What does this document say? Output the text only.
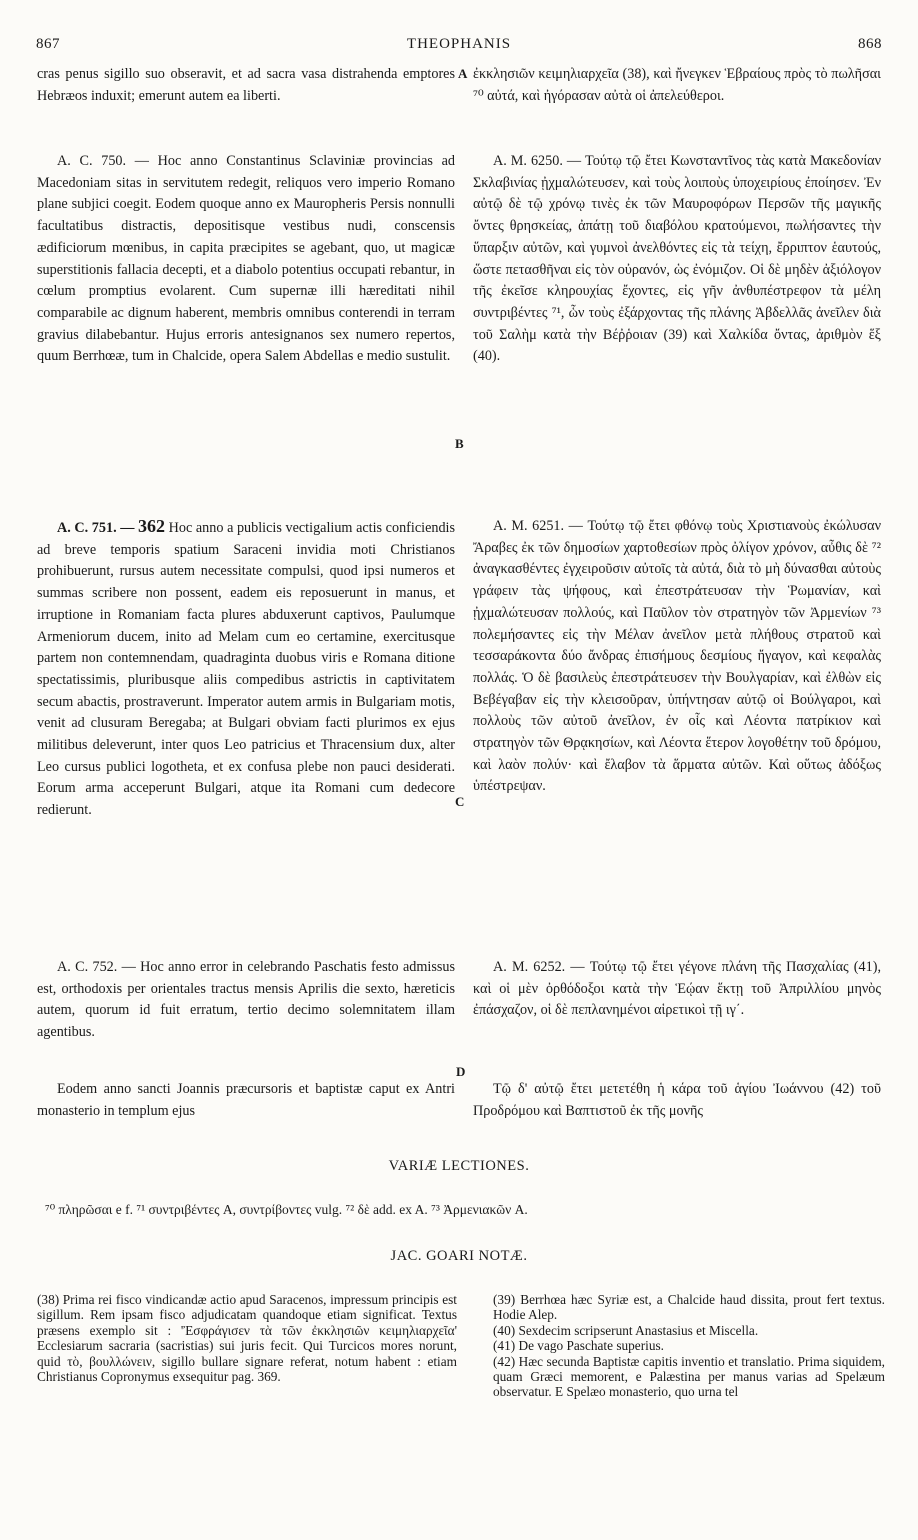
867	THEOPHANIS	868

cras penus sigillo suo obseravit, et ad sacra vasa distrahenda emptores Hebræos induxit; emerunt autem ea liberti.

A. C. 750. — Hoc anno Constantinus Sclaviniæ provincias ad Macedoniam sitas in servitutem redegit, reliquos vero imperio Romano plane subjici coegit. Eodem quoque anno ex Mauropheris Persis nonnulli facultatibus distractis, depositisque vestibus nudi, conscensis ædificiorum mœnibus, in capita præcipites se agebant, quo, ut magicæ superstitionis fallacia decepti, et a diabolo potentius occupati rebantur, in cœlum promptius evolarent. Cum supernæ illi hæreditati nihil comparabile ac dignum haberent, membris omnibus conterendi in terram gravius dilabebantur. Hujus erroris antesignanos sex numero repertos, quum Berrhœæ, tum in Chalcide, opera Salem Abdellas e medio sustulit.

A. C. 751. — 362 Hoc anno a publicis vectigalium actis conficiendis ad breve temporis spatium Saraceni invidia moti Christianos prohibuerunt, rursus autem necessitate compulsi, quod ipsi numeros et summas scribere non possent, eadem eis reposuerunt in manus, et irruptione in Romaniam facta plures abduxerunt captivos, Paulumque Armeniorum ducem, inito ad Melam cum eo certamine, exercitusque partem non contemnendam, quadraginta duobus viris e Romana ditione spectatissimis, pluribusque aliis compedibus astrictis in captivitatem secum abactis, prostraverunt. Imperator autem armis in Bulgariam motis, venit ad clusuram Beregaba; at Bulgari obviam facti plurimos ex ejus militibus deleverunt, inter quos Leo patricius et Thracensium dux, alter Leo cursus publici logotheta, et ex confusa plebe non pauci desiderati. Eorum arma acceperunt Bulgari, atque ita Romani cum dedecore redierunt.

A. C. 752. — Hoc anno error in celebrando Paschatis festo admissus est, orthodoxis per orientales tractus mensis Aprilis die sexto, hæreticis autem, quorum id fuit erratum, tertio decimo solemnitatem illam agentibus.

Eodem anno sancti Joannis præcursoris et baptistæ caput ex Antri monasterio in templum ejus

ἐκκλησιῶν κειμηλιαρχεῖα (38), καὶ ἤνεγκεν Ἑβραίους πρὸς τὸ πωλῆσαι ⁷⁰ αὐτά, καὶ ἠγόρασαν αὐτὰ οἱ ἀπελεύθεροι.

A. M. 6250. — Τούτῳ τῷ ἔτει Κωνσταντῖνος τὰς κατὰ Μακεδονίαν Σκλαβινίας ᾐχμαλώτευσεν, καὶ τοὺς λοιποὺς ὑποχειρίους ἐποίησεν. Ἐν αὐτῷ δὲ τῷ χρόνῳ τινὲς ἐκ τῶν Μαυροφόρων Περσῶν τῆς μαγικῆς ὄντες θρησκείας, ἀπάτῃ τοῦ διαβόλου κρατούμενοι, πωλήσαντες τὴν ὕπαρξιν αὐτῶν, καὶ γυμνοὶ ἀνελθόντες εἰς τὰ τείχη, ἔρριπτον ἑαυτούς, ὥστε πετασθῆναι εἰς τὸν οὐρανόν, ὡς ἐνόμιζον. Οἱ δὲ μηδὲν ἀξιόλογον τῆς ἐκεῖσε κληρουχίας ἔχοντες, εἰς γῆν ἀνθυπέστρεφον τὰ μέλη συντριβέντες ⁷¹, ὧν τοὺς ἐξάρχοντας τῆς πλάνης Ἀβδελλᾶς ἀνεῖλεν διὰ τοῦ Σαλὴμ κατὰ τὴν Βέῤῥοιαν (39) καὶ Χαλκίδα ὄντας, ἀριθμὸν ἕξ (40).

A. M. 6251. — Τούτῳ τῷ ἔτει φθόνῳ τοὺς Χριστιανοὺς ἐκώλυσαν Ἄραβες ἐκ τῶν δημοσίων χαρτοθεσίων πρὸς ὀλίγον χρόνον, αὖθις δὲ ⁷² ἀναγκασθέντες ἐγχειροῦσιν αὐτοῖς τὰ αὐτά, διὰ τὸ μὴ δύνασθαι αὐτοὺς γράφειν τὰς ψήφους, καὶ ἐπεστράτευσαν τὴν Ῥωμανίαν, καὶ ᾐχμαλώτευσαν πολλούς, καὶ Παῦλον τὸν στρατηγὸν τῶν Ἀρμενίων ⁷³ πολεμήσαντες εἰς τὴν Μέλαν ἀνεῖλον μετὰ πλήθους στρατοῦ καὶ τεσσαράκοντα δύο ἄνδρας ἐπισήμους δεσμίους ἤγαγον, καὶ κεφαλὰς πολλάς. Ὁ δὲ βασιλεὺς ἐπεστράτευσεν τὴν Βουλγαρίαν, καὶ ἐλθὼν εἰς Βεβέγαβαν εἰς τὴν κλεισοῦραν, ὑπήντησαν αὐτῷ οἱ Βούλγαροι, καὶ πολλοὺς τῶν αὐτοῦ ἀνεῖλον, ἐν οἷς καὶ Λέοντα πατρίκιον καὶ στρατηγὸν τῶν Θρᾳκησίων, καὶ Λέοντα ἕτερον λογοθέτην τοῦ δρόμου, καὶ λαὸν πολύν· καὶ ἔλαβον τὰ ἅρματα αὐτῶν. Καὶ οὕτως ἀδόξως ὑπέστρεψαν.

A. M. 6252. — Τούτῳ τῷ ἔτει γέγονε πλάνη τῆς Πασχαλίας (41), καὶ οἱ μὲν ὀρθόδοξοι κατὰ τὴν Ἑῴαν ἕκτῃ τοῦ Ἀπριλλίου μηνὸς ἐπάσχαζον, οἱ δὲ πεπλανημένοι αἱρετικοὶ τῇ ιγ΄.

Τῷ δ' αὐτῷ ἔτει μετετέθη ἡ κάρα τοῦ ἁγίου Ἰωάννου (42) τοῦ Προδρόμου καὶ Βαπτιστοῦ ἐκ τῆς μονῆς

A
B
C
D
VARIÆ LECTIONES.
⁷⁰ πληρῶσαι e f. ⁷¹ συντριβέντες A, συντρίβοντες vulg. ⁷² δὲ add. ex A. ⁷³ Ἀρμενιακῶν A.
JAC. GOARI NOTÆ.
(38) Prima rei fisco vindicandæ actio apud Saracenos, impressum principis est sigillum. Rem ipsam fisco adjudicatam quandoque etiam significat. Textus præsens exemplo sit : 'Ἐσφράγισεν τὰ τῶν ἐκκλησιῶν κειμηλιαρχεῖα' Ecclesiarum sacraria (sacristias) sui juris fecit. Qui Turcicos mores norunt, quid τὸ, βουλλώνειν, sigillo bullare signare referat, notum habent : etiam Christianus Copronymus exsequitur pag. 369.
(39) Berrhœa hæc Syriæ est, a Chalcide haud dissita, prout fert textus. Hodie Alep.
(40) Sexdecim scripserunt Anastasius et Miscella.
(41) De vago Paschate superius.
(42) Hæc secunda Baptistæ capitis inventio et translatio. Prima siquidem, quam Græci memorent, e Palæstina per manus varias ad Spelæum observatur. E Spelæo monasterio, quo urna tel
